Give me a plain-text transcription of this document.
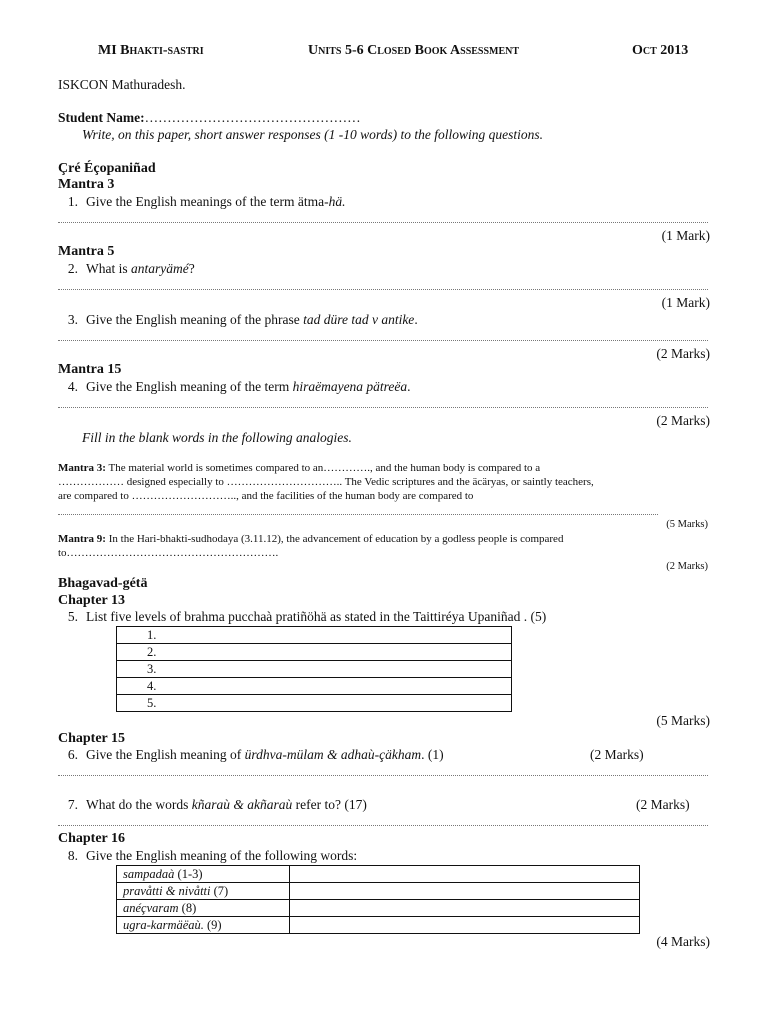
MI Bhakti-sastri	Units 5-6 Closed Book Assessment	Oct 2013
ISKCON Mathuradesh.
Student Name:…………………………………………
Write, on this paper, short answer responses (1 -10 words) to the following questions.
Çré Éçopaniñad
Mantra 3
1. Give the English meanings of the term ätma-hä.
(1 Mark)
Mantra 5
2. What is antaryämé?
(1 Mark)
3. Give the English meaning of the phrase tad düre tad v antike.
(2 Marks)
Mantra 15
4. Give the English meaning of the term hiraëmayena pätreëa.
(2 Marks)
Fill in the blank words in the following analogies.
Mantra 3: The material world is sometimes compared to an…………., and the human body is compared to a
……………… designed especially to ………………………….. The Vedic scriptures and the äcäryas, or saintly teachers,
are compared to ……………………….., and the facilities of the human body are compared to
(5 Marks)
Mantra 9: In the Hari-bhakti-sudhodaya (3.11.12), the advancement of education by a godless people is compared
to………………………………………………….
(2 Marks)
Bhagavad-gétä
Chapter 13
5. List five levels of brahma pucchaà pratiñöhä as stated in the Taittiréya Upaniñad . (5)
1.
2.
3.
4.
5.
(5 Marks)
Chapter 15
6. Give the English meaning of ürdhva-mülam & adhaù-çäkham. (1)	(2 Marks)
7. What do the words kñaraù & akñaraù refer to? (17)	(2 Marks)
Chapter 16
8. Give the English meaning of the following words:
sampadaà (1-3)	
pravåtti & nivåtti (7)	
anéçvaram (8)	
ugra-karmäëaù. (9)	
(4 Marks)
